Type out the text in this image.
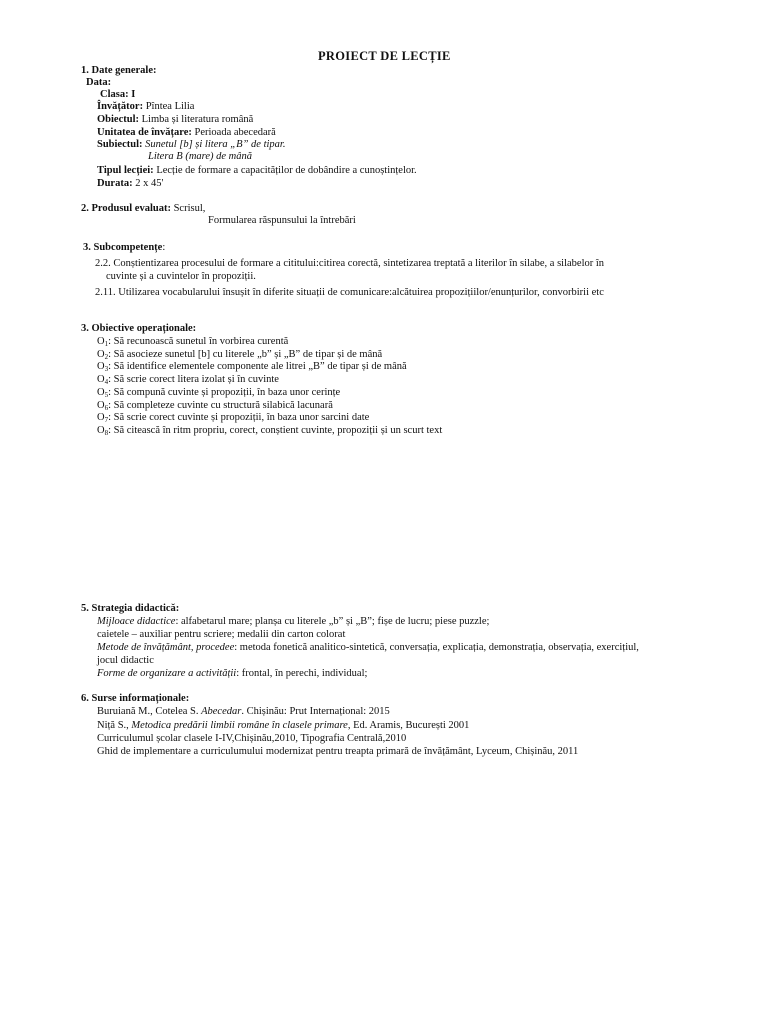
PROIECT DE LECȚIE
1. Date generale:
Data:
Clasa: I
Învățător: Pîntea Lilia
Obiectul: Limba și literatura română
Unitatea de învățare: Perioada abecedară
Subiectul: Sunetul [b] și litera „B” de tipar.
Litera B (mare) de mână
Tipul lecției: Lecție de formare a capacităților de dobândire a cunoștințelor.
Durata: 2 x 45'
2. Produsul evaluat: Scrisul,
Formularea răspunsului la întrebări
3. Subcompetențe:
2.2. Conștientizarea procesului de formare a cititului:citirea corectă, sintetizarea treptată a literilor în silabe, a silabelor în
cuvinte și a cuvintelor în propoziții.
2.11. Utilizarea vocabularului însușit în diferite situații de comunicare:alcătuirea propozițiilor/enunțurilor, convorbirii etc
3. Obiective operaționale:
$O_1$: Să recunoască sunetul în vorbirea curentă
$O_2$: Să asocieze sunetul [b] cu literele „b” și „B” de tipar și de mână
$O_3$: Să identifice elementele componente ale litrei „B” de tipar și de mână
$O_4$: Să scrie corect litera izolat și în cuvinte
$O_5$: Să compună cuvinte și propoziții, în baza unor cerințe
$O_6$: Să completeze cuvinte cu structură silabică lacunară
$O_7$: Să scrie corect cuvinte și propoziții, în baza unor sarcini date
$O_8$: Să citească în ritm propriu, corect, conștient cuvinte, propoziții și un scurt text
5. Strategia didactică:
Mijloace didactice: alfabetarul mare; planșa cu literele „b” și „B”; fișe de lucru; piese puzzle;
caietele – auxiliar pentru scriere; medalii din carton colorat
Metode de învățământ, procedee: metoda fonetică analitico-sintetică, conversația, explicația, demonstrația, observația, exercițiul,
jocul didactic
Forme de organizare a activității: frontal, în perechi, individual;
6. Surse informaționale:
Buruiană M., Cotelea S. Abecedar. Chișinău: Prut Internațional: 2015
Niță S., Metodica predării limbii române în clasele primare, Ed. Aramis, București 2001
Curriculumul școlar clasele I-IV,Chișinău,2010, Tipografia Centrală,2010
Ghid de implementare a curriculumului modernizat pentru treapta primară de învățământ, Lyceum, Chișinău, 2011
